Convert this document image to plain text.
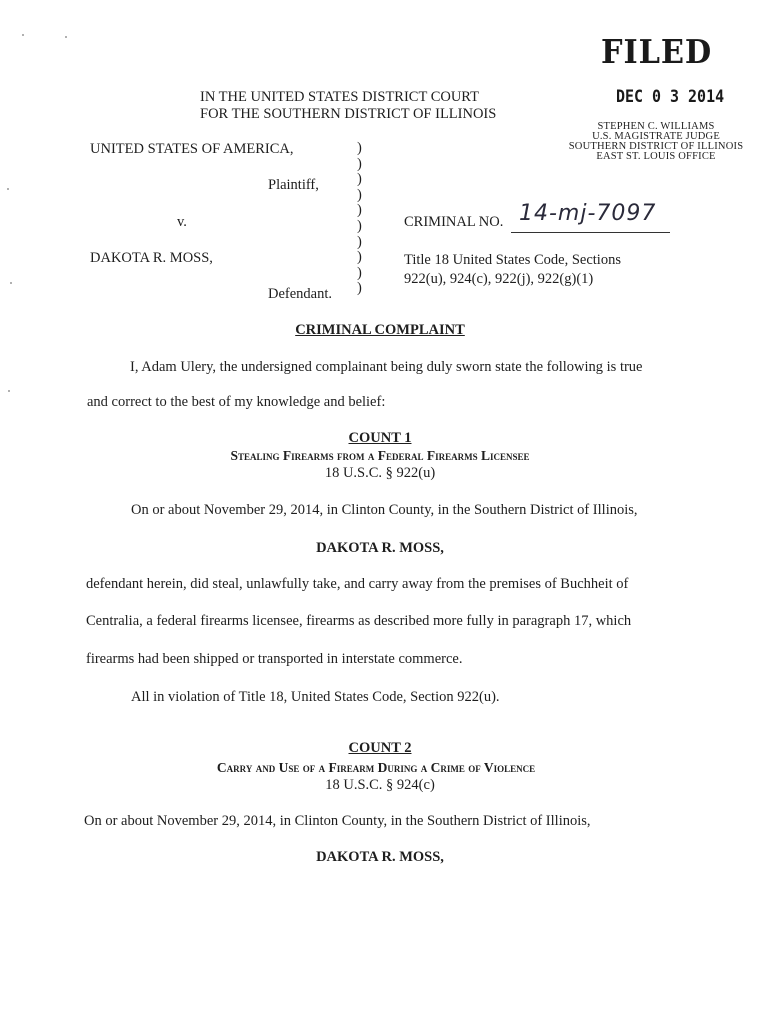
FILED
DEC 0 3 2014
STEPHEN C. WILLIAMS
U.S. MAGISTRATE JUDGE
SOUTHERN DISTRICT OF ILLINOIS
EAST ST. LOUIS OFFICE
IN THE UNITED STATES DISTRICT COURT
FOR THE SOUTHERN DISTRICT OF ILLINOIS
UNITED STATES OF AMERICA,
Plaintiff,
v.
DAKOTA R. MOSS,
Defendant.
)
)
)
)
)
)
)
)
)
)
CRIMINAL NO. 14-mj-7097
Title 18 United States Code, Sections
922(u), 924(c), 922(j), 922(g)(1)
CRIMINAL COMPLAINT
I, Adam Ulery, the undersigned complainant being duly sworn state the following is true
and correct to the best of my knowledge and belief:
COUNT 1
Stealing Firearms from a Federal Firearms Licensee
18 U.S.C. § 922(u)
On or about November 29, 2014, in Clinton County, in the Southern District of Illinois,
DAKOTA R. MOSS,
defendant herein, did steal, unlawfully take, and carry away from the premises of Buchheit of
Centralia, a federal firearms licensee, firearms as described more fully in paragraph 17, which
firearms had been shipped or transported in interstate commerce.
All in violation of Title 18, United States Code, Section 922(u).
COUNT 2
Carry and Use of a Firearm During a Crime of Violence
18 U.S.C. § 924(c)
On or about November 29, 2014, in Clinton County, in the Southern District of Illinois,
DAKOTA R. MOSS,
